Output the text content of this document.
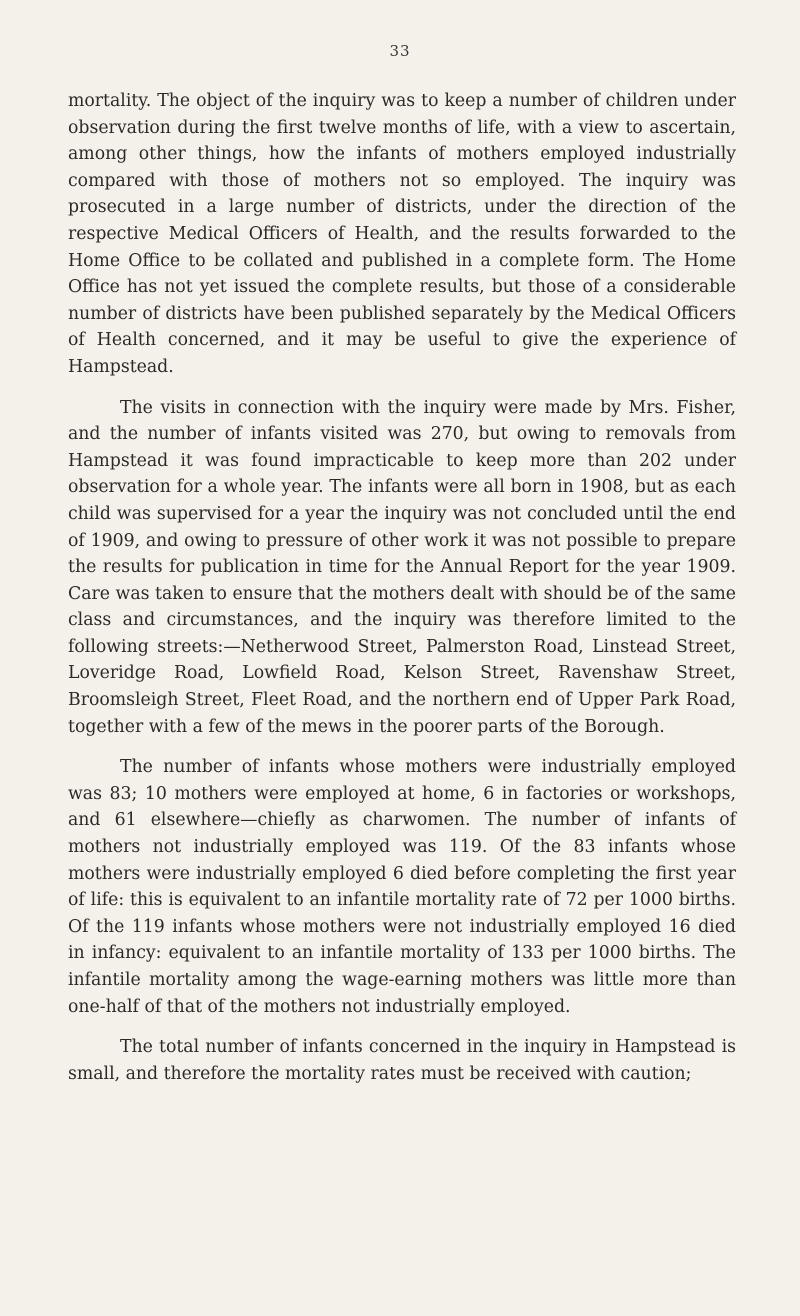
33

mortality. The object of the inquiry was to keep a number of children under observation during the first twelve months of life, with a view to ascertain, among other things, how the infants of mothers employed industrially compared with those of mothers not so employed. The inquiry was prosecuted in a large number of districts, under the direction of the respective Medical Officers of Health, and the results forwarded to the Home Office to be collated and published in a complete form. The Home Office has not yet issued the complete results, but those of a considerable number of districts have been published separately by the Medical Officers of Health concerned, and it may be useful to give the experience of Hampstead.

The visits in connection with the inquiry were made by Mrs. Fisher, and the number of infants visited was 270, but owing to removals from Hampstead it was found impracticable to keep more than 202 under observation for a whole year. The infants were all born in 1908, but as each child was supervised for a year the inquiry was not concluded until the end of 1909, and owing to pressure of other work it was not possible to prepare the results for publication in time for the Annual Report for the year 1909. Care was taken to ensure that the mothers dealt with should be of the same class and circumstances, and the inquiry was therefore limited to the following streets:—Netherwood Street, Palmerston Road, Linstead Street, Loveridge Road, Lowfield Road, Kelson Street, Ravenshaw Street, Broomsleigh Street, Fleet Road, and the northern end of Upper Park Road, together with a few of the mews in the poorer parts of the Borough.

The number of infants whose mothers were industrially employed was 83; 10 mothers were employed at home, 6 in factories or workshops, and 61 elsewhere—chiefly as charwomen. The number of infants of mothers not industrially employed was 119. Of the 83 infants whose mothers were industrially employed 6 died before completing the first year of life: this is equivalent to an infantile mortality rate of 72 per 1000 births. Of the 119 infants whose mothers were not industrially employed 16 died in infancy: equivalent to an infantile mortality of 133 per 1000 births. The infantile mortality among the wage-earning mothers was little more than one-half of that of the mothers not industrially employed.

The total number of infants concerned in the inquiry in Hampstead is small, and therefore the mortality rates must be received with caution;
